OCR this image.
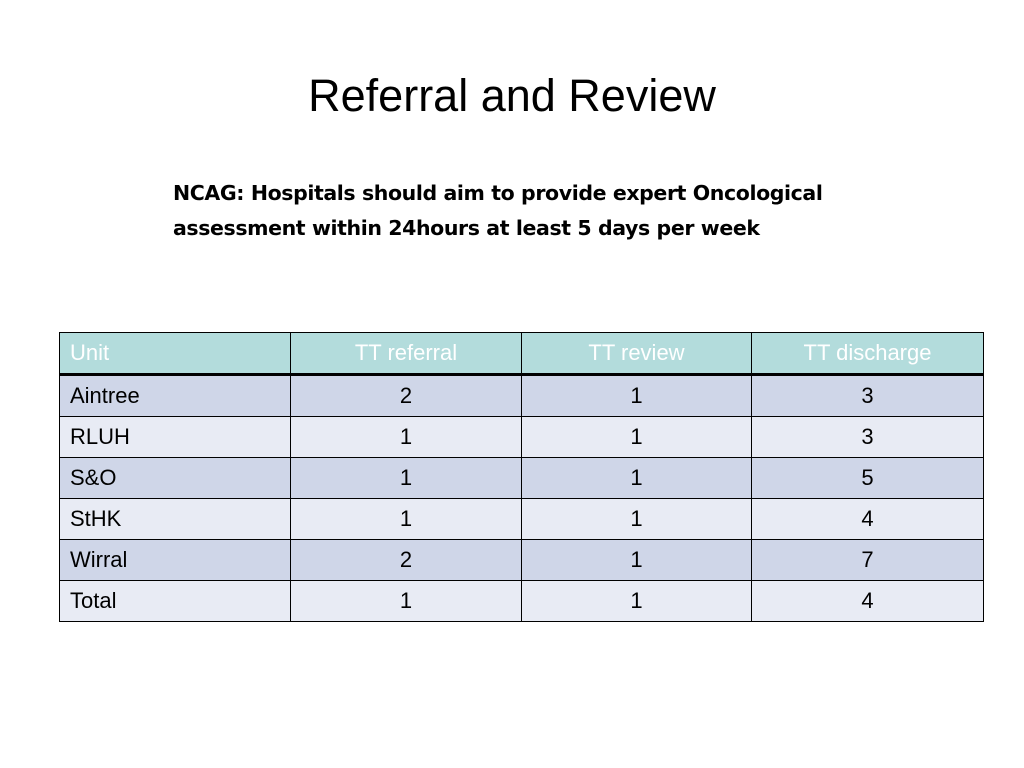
Referral and Review
NCAG: Hospitals should aim to provide expert Oncological assessment within 24hours at least 5 days per week
Unit	TT referral	TT review	TT discharge
Aintree	2	1	3
RLUH	1	1	3
S&O	1	1	5
StHK	1	1	4
Wirral	2	1	7
Total	1	1	4
